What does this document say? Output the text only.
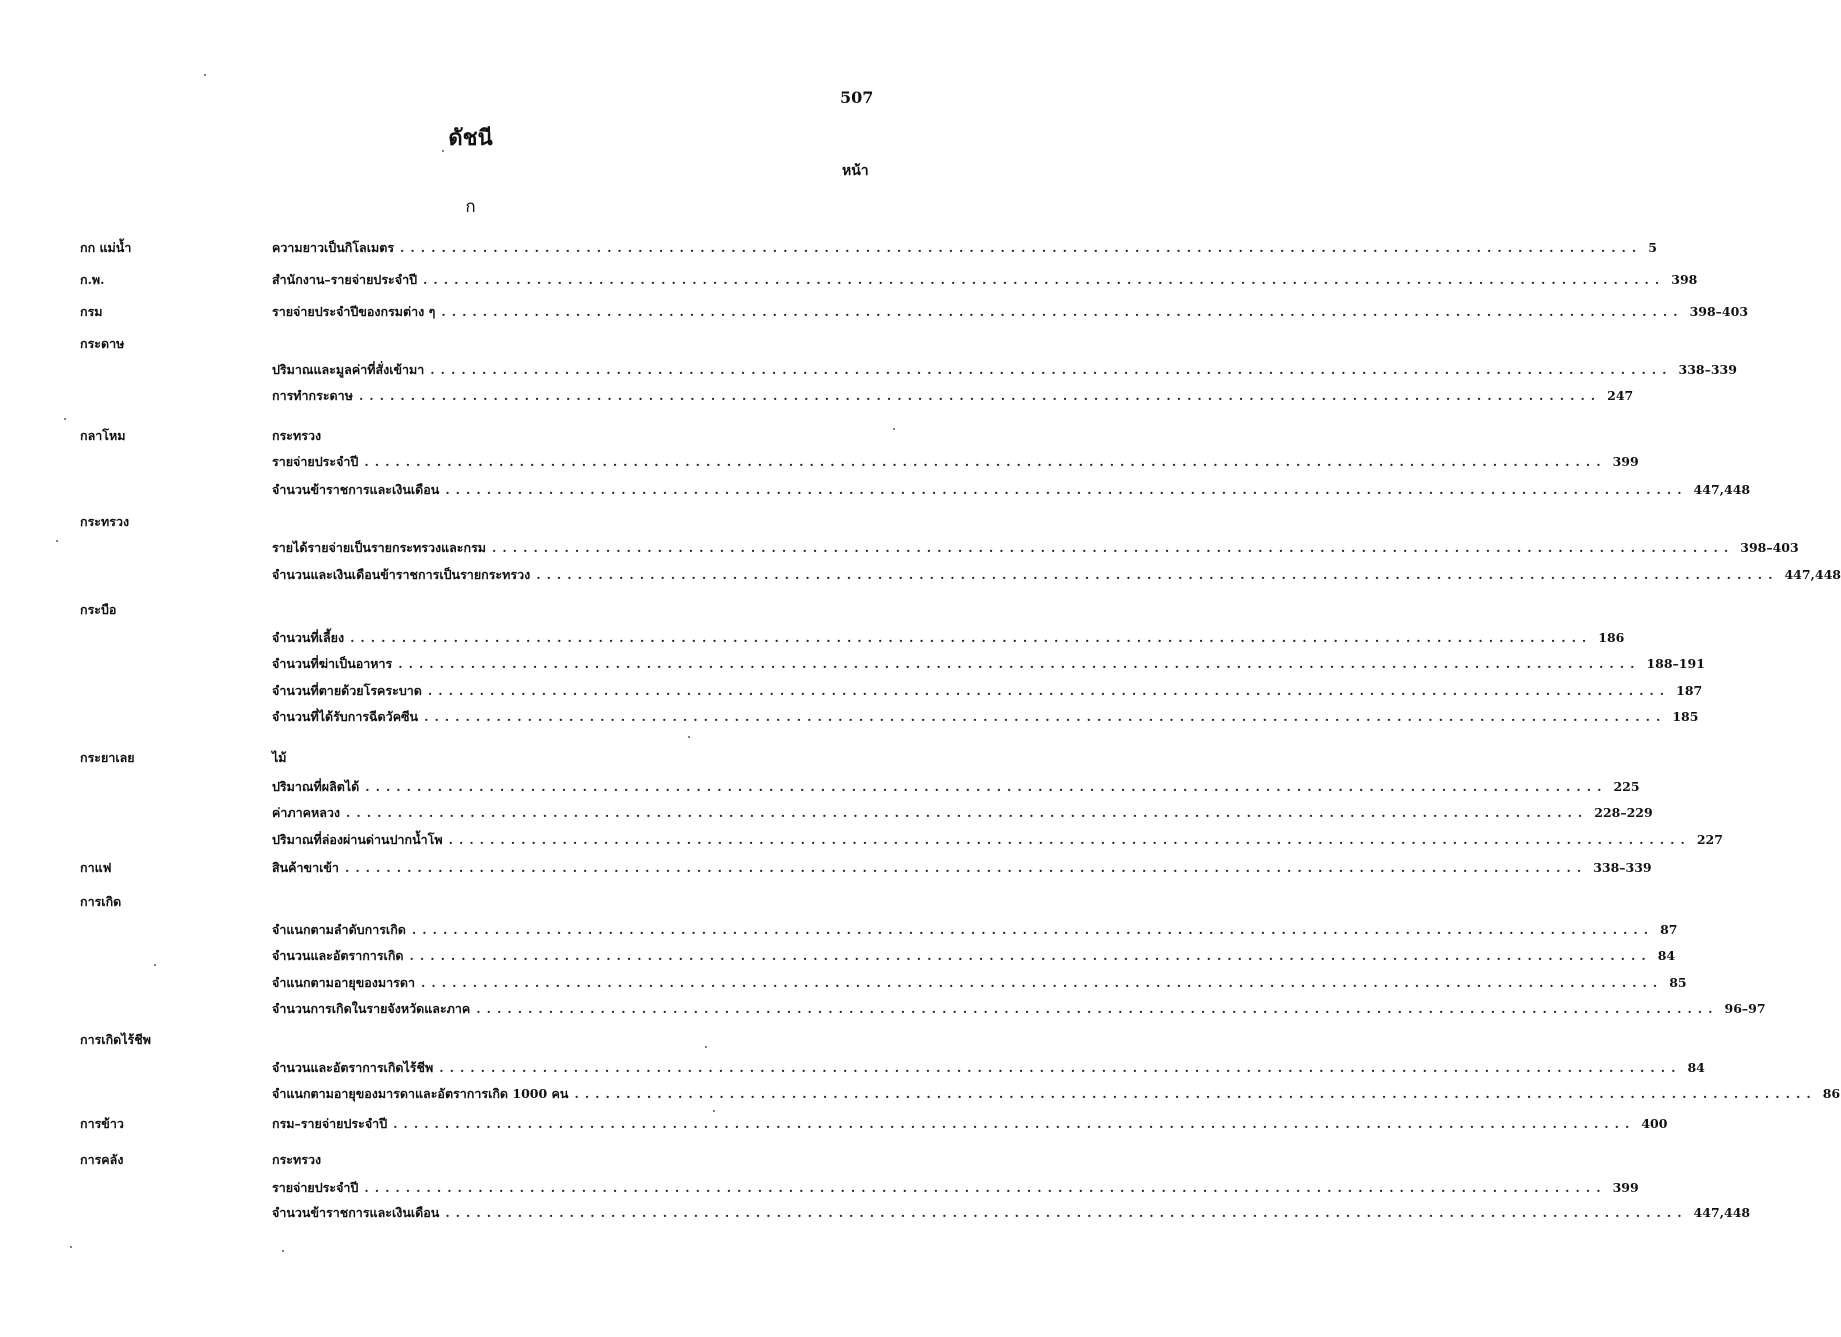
507
ดัชนี
หน้า
ก
กก แม่น้ำ
ก.พ.
กรม
กระดาษ
กลาโหม
กระทรวง
กระบือ
กระยาเลย
กาแฟ
การเกิด
การเกิดไร้ชีพ
การข้าว
การคลัง
กระทรวง
ไม้
กระทรวง
ความยาวเป็นกิโลเมตร ........................................................................................................................ 5
สำนักงาน–รายจ่ายประจำปี ........................................................................................................................ 398
รายจ่ายประจำปีของกรมต่าง ๆ ........................................................................................................................ 398–403
ปริมาณและมูลค่าที่สั่งเข้ามา ........................................................................................................................ 338–339
การทำกระดาษ ........................................................................................................................ 247
รายจ่ายประจำปี ........................................................................................................................ 399
จำนวนข้าราชการและเงินเดือน ........................................................................................................................ 447,448
รายได้รายจ่ายเป็นรายกระทรวงและกรม ........................................................................................................................ 398–403
จำนวนและเงินเดือนข้าราชการเป็นรายกระทรวง ........................................................................................................................ 447,448
จำนวนที่เลี้ยง ........................................................................................................................ 186
จำนวนที่ฆ่าเป็นอาหาร ........................................................................................................................ 188–191
จำนวนที่ตายด้วยโรคระบาด ........................................................................................................................ 187
จำนวนที่ได้รับการฉีดวัคซีน ........................................................................................................................ 185
ปริมาณที่ผลิตได้ ........................................................................................................................ 225
ค่าภาคหลวง ........................................................................................................................ 228–229
ปริมาณที่ล่องผ่านด่านปากน้ำโพ ........................................................................................................................ 227
สินค้าขาเข้า ........................................................................................................................ 338–339
จำแนกตามลำดับการเกิด ........................................................................................................................ 87
จำนวนและอัตราการเกิด ........................................................................................................................ 84
จำแนกตามอายุของมารดา ........................................................................................................................ 85
จำนวนการเกิดในรายจังหวัดและภาค ........................................................................................................................ 96–97
จำนวนและอัตราการเกิดไร้ชีพ ........................................................................................................................ 84
จำแนกตามอายุของมารดาและอัตราการเกิด 1000 คน ........................................................................................................................ 86
กรม–รายจ่ายประจำปี ........................................................................................................................ 400
รายจ่ายประจำปี ........................................................................................................................ 399
จำนวนข้าราชการและเงินเดือน ........................................................................................................................ 447,448
